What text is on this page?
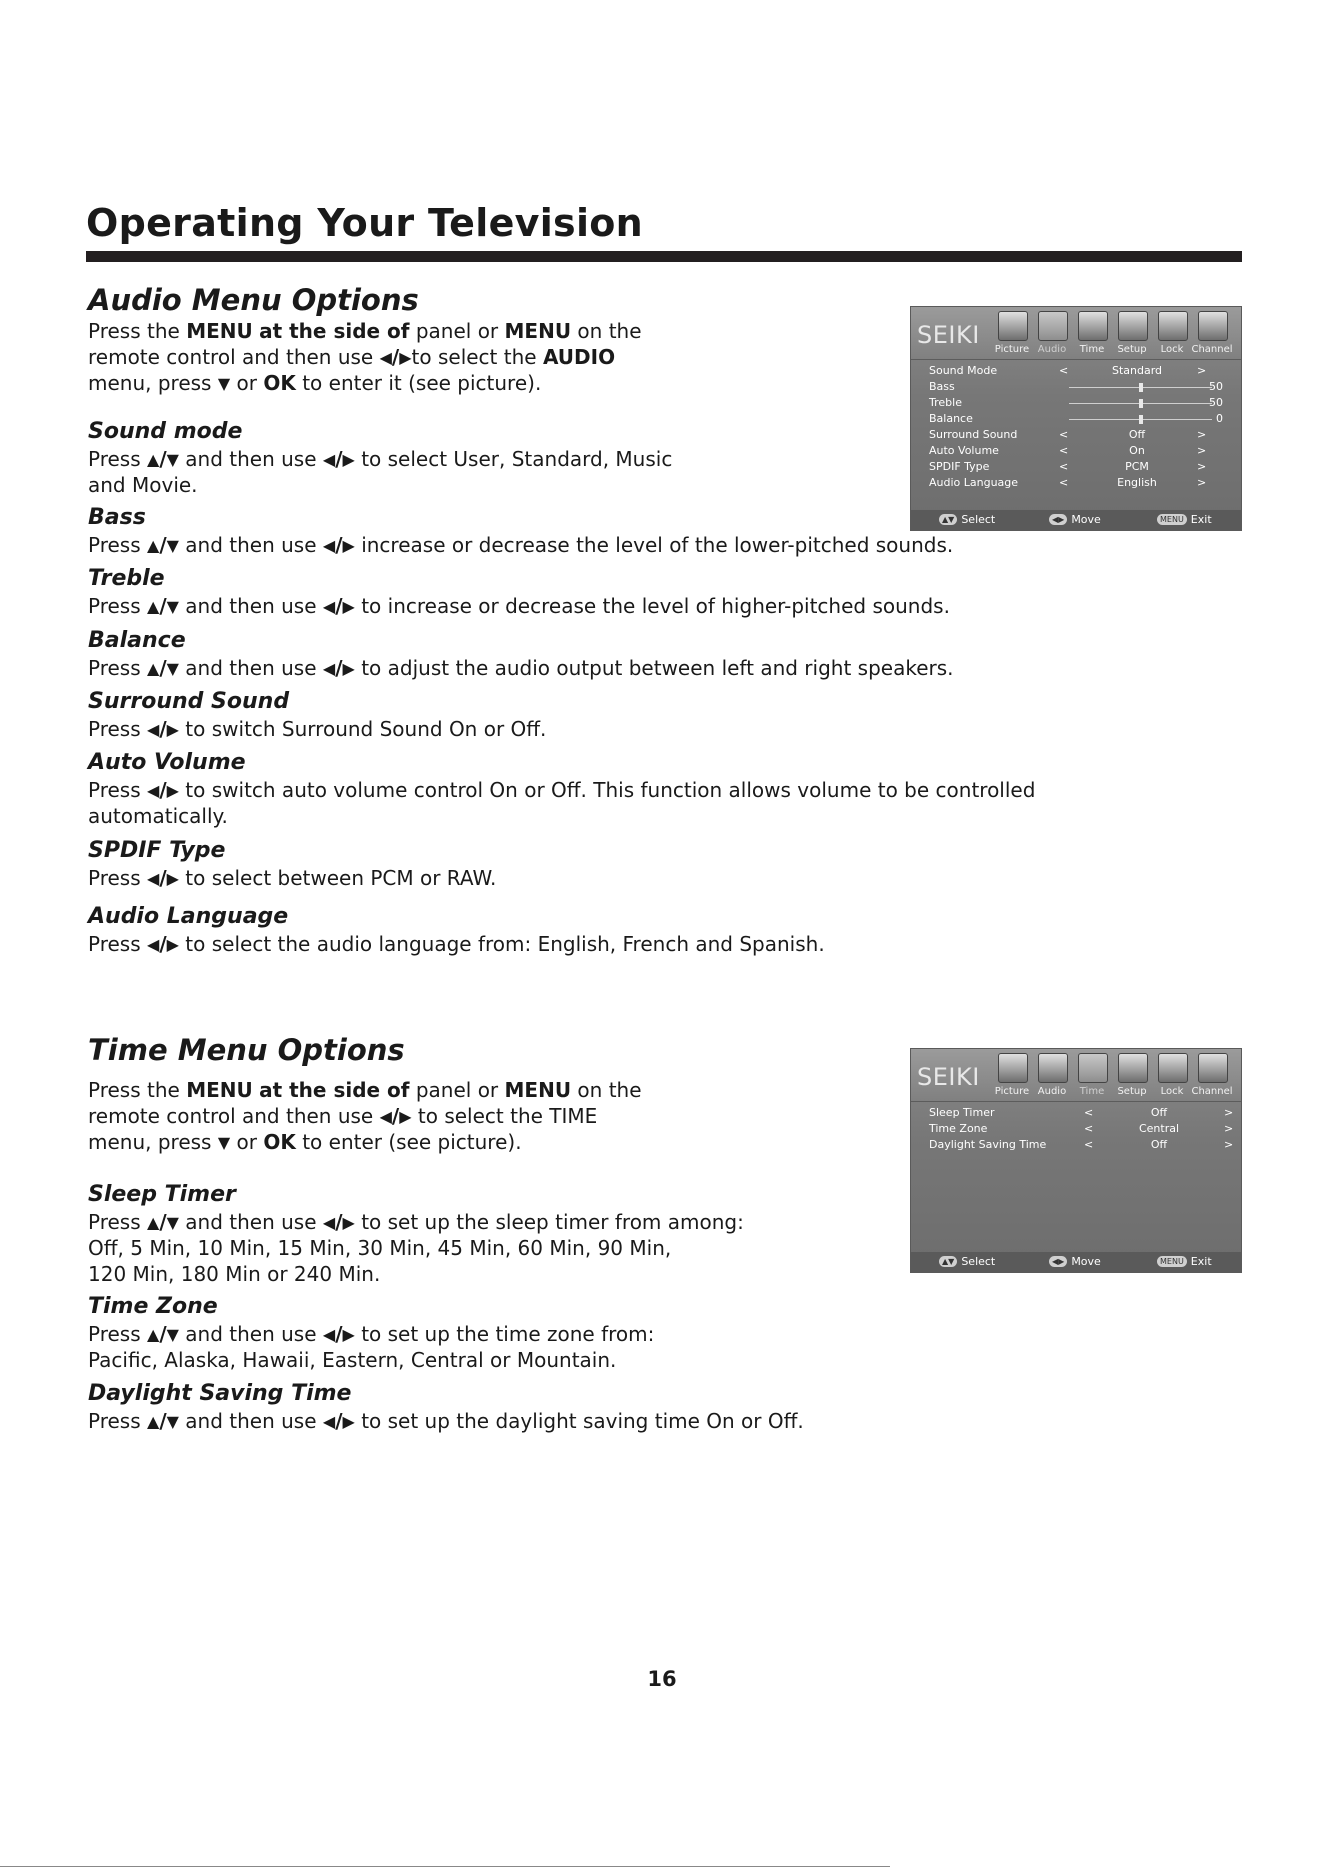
Operating Your Television
Audio Menu Options

Press the MENU at the side of panel or MENU on the

remote control and then use ◀/▶to select the AUDIO

menu, press ▼ or OK to enter it (see picture).

Sound mode

Press ▲/▼ and then use ◀/▶ to select User, Standard, Music

and Movie.

Bass

Press ▲/▼ and then use ◀/▶ increase or decrease the level of the lower-pitched sounds.

Treble

Press ▲/▼ and then use ◀/▶ to increase or decrease the level of higher-pitched sounds.

Balance

Press ▲/▼ and then use ◀/▶ to adjust the audio output between left and right speakers.

Surround Sound

Press ◀/▶ to switch Surround Sound On or Off.

Auto Volume

Press ◀/▶ to switch auto volume control On or Off. This function allows volume to be controlled

automatically.

SPDIF Type

Press ◀/▶ to select between PCM or RAW.

Audio Language

Press ◀/▶ to select the audio language from: English, French and Spanish.

SEIKI
Picture Audio	Time	Setup	Lock Channel
Sound Mode	<	Standard	>
Bass	50
Treble	50
Balance	0
Surround Sound	<	Off	>
Auto Volume	<	On	>
SPDIF Type	<	PCM	>
Audio Language	<	English	>
▲▼ Select	◀▶ Move	MENU Exit
Time Menu Options

Press the MENU at the side of panel or MENU on the

remote control and then use ◀/▶ to select the TIME

menu, press ▼ or OK to enter (see picture).

Sleep Timer

Press ▲/▼ and then use ◀/▶ to set up the sleep timer from among:

Off, 5 Min, 10 Min, 15 Min, 30 Min, 45 Min, 60 Min, 90 Min,

120 Min, 180 Min or 240 Min.

Time Zone

Press ▲/▼ and then use ◀/▶ to set up the time zone from:

Pacific, Alaska, Hawaii, Eastern, Central or Mountain.

Daylight Saving Time

Press ▲/▼ and then use ◀/▶ to set up the daylight saving time On or Off.

SEIKI
Picture Audio	Time	Setup	Lock Channel
Sleep Timer	<	Off	>
Time Zone	<	Central	>
Daylight Saving Time	<	Off	>
▲▼ Select	◀▶ Move	MENU Exit
16
